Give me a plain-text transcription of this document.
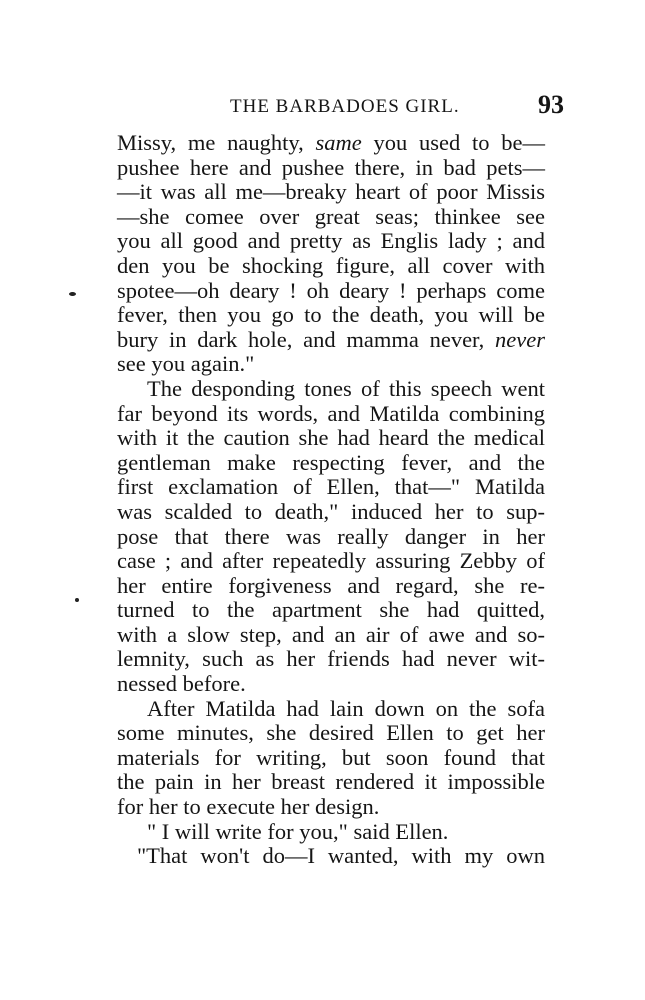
THE BARBADOES GIRL.	93
Missy, me naughty, same you used to be—
pushee here and pushee there, in bad pets—
—it was all me—breaky heart of poor Missis
—she comee over great seas; thinkee see
you all good and pretty as Englis lady ; and
den you be shocking figure, all cover with
spotee—oh deary ! oh deary ! perhaps come
fever, then you go to the death, you will be
bury in dark hole, and mamma never, never
see you again."
The desponding tones of this speech went
far beyond its words, and Matilda combining
with it the caution she had heard the medical
gentleman make respecting fever, and the
first exclamation of Ellen, that—" Matilda
was scalded to death," induced her to sup-
pose that there was really danger in her
case ; and after repeatedly assuring Zebby of
her entire forgiveness and regard, she re-
turned to the apartment she had quitted,
with a slow step, and an air of awe and so-
lemnity, such as her friends had never wit-
nessed before.
After Matilda had lain down on the sofa
some minutes, she desired Ellen to get her
materials for writing, but soon found that
the pain in her breast rendered it impossible
for her to execute her design.
" I will write for you," said Ellen.
"That won't do—I wanted, with my own
